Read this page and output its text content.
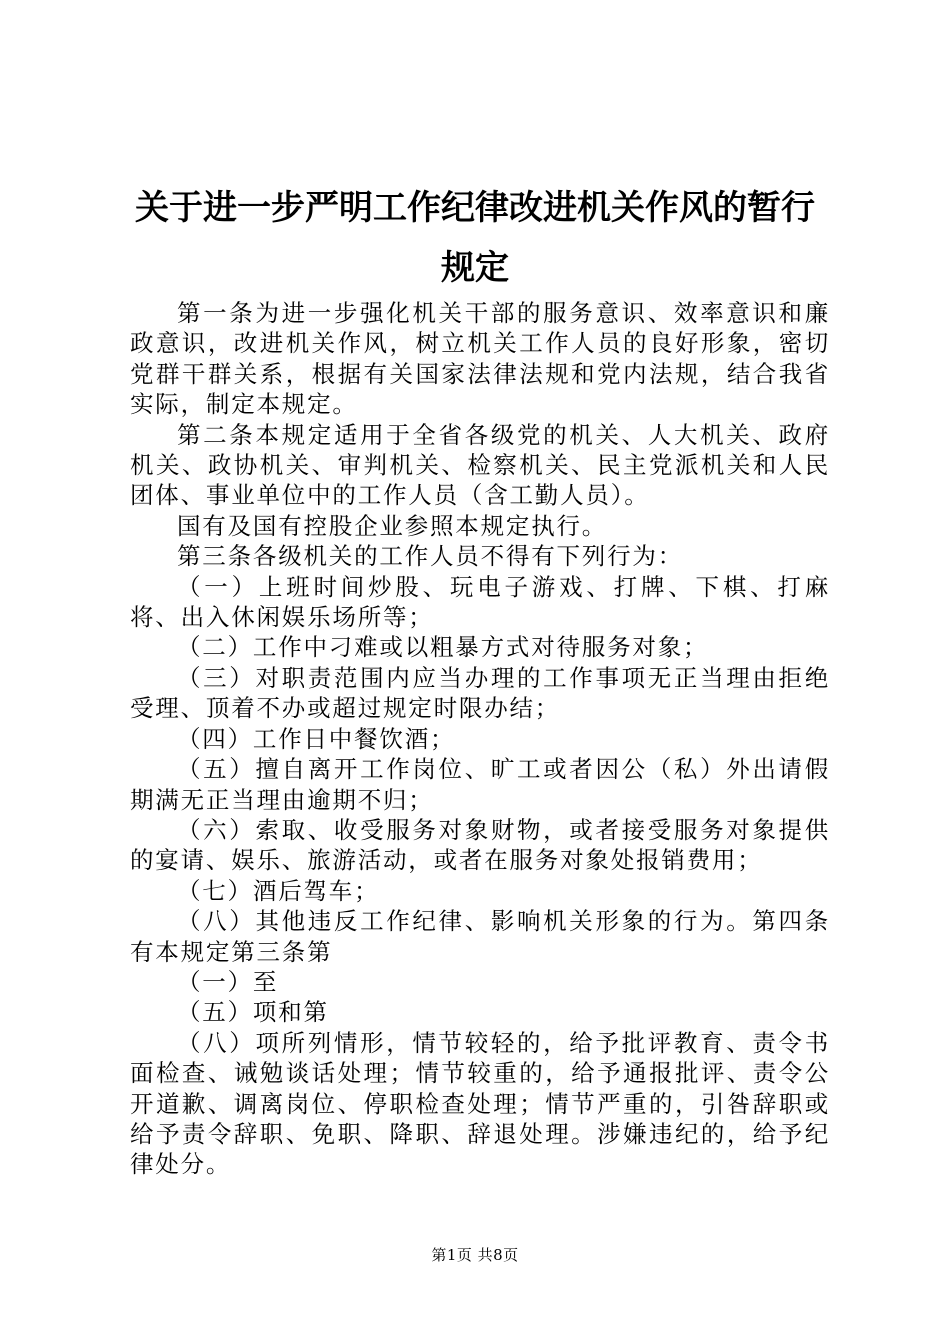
关于进一步严明工作纪律改进机关作风的暂行
规定

第一条为进一步强化机关干部的服务意识、效率意识和廉政意识，改进机关作风，树立机关工作人员的良好形象，密切党群干群关系，根据有关国家法律法规和党内法规，结合我省实际，制定本规定。

第二条本规定适用于全省各级党的机关、人大机关、政府机关、政协机关、审判机关、检察机关、民主党派机关和人民团体、事业单位中的工作人员（含工勤人员）。

国有及国有控股企业参照本规定执行。

第三条各级机关的工作人员不得有下列行为：

（一）上班时间炒股、玩电子游戏、打牌、下棋、打麻将、出入休闲娱乐场所等；

（二）工作中刁难或以粗暴方式对待服务对象；

（三）对职责范围内应当办理的工作事项无正当理由拒绝受理、顶着不办或超过规定时限办结；

（四）工作日中餐饮酒；

（五）擅自离开工作岗位、旷工或者因公（私）外出请假期满无正当理由逾期不归；

（六）索取、收受服务对象财物，或者接受服务对象提供的宴请、娱乐、旅游活动，或者在服务对象处报销费用；

（七）酒后驾车；

（八）其他违反工作纪律、影响机关形象的行为。第四条有本规定第三条第

（一）至

（五）项和第

（八）项所列情形，情节较轻的，给予批评教育、责令书面检查、诫勉谈话处理；情节较重的，给予通报批评、责令公开道歉、调离岗位、停职检查处理；情节严重的，引咎辞职或给予责令辞职、免职、降职、辞退处理。涉嫌违纪的，给予纪律处分。

第1页 共8页
